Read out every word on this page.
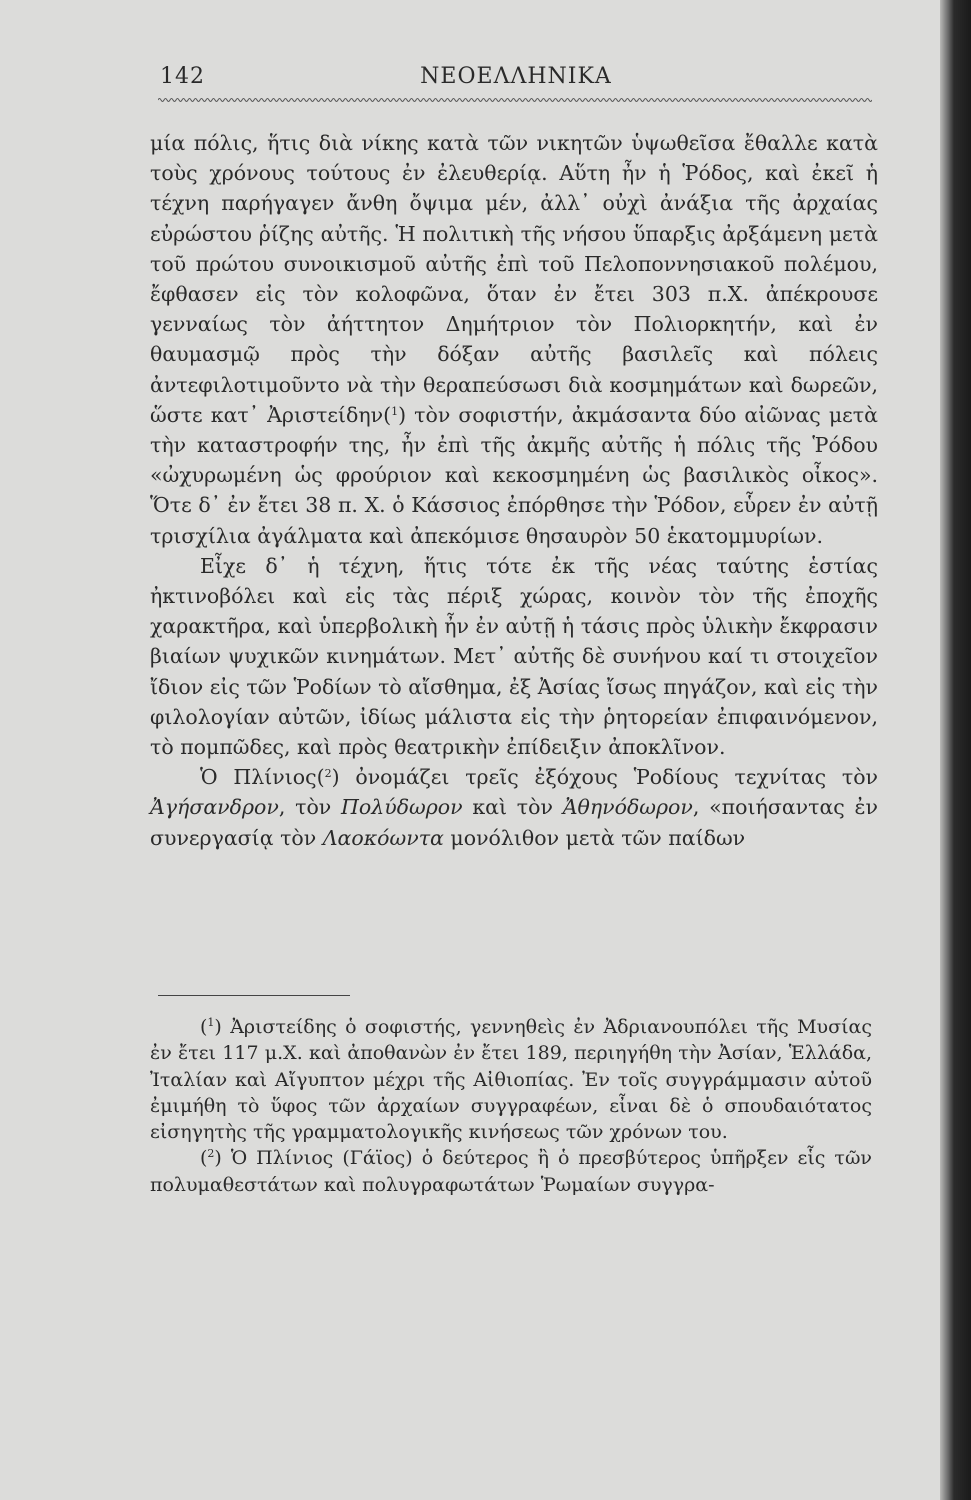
142	ΝΕΟΕΛΛΗΝΙΚΑ

μία πόλις, ἥτις διὰ νίκης κατὰ τῶν νικητῶν ὑψωθεῖσα ἔθαλλε κατὰ τοὺς χρόνους τούτους ἐν ἐλευθερίᾳ. Αὕτη ἦν ἡ Ῥόδος, καὶ ἐκεῖ ἡ τέχνη παρήγαγεν ἄνθη ὄψιμα μέν, ἀλλ᾽ οὐχὶ ἀνάξια τῆς ἀρχαίας εὐρώστου ῥίζης αὐτῆς. Ἡ πολιτικὴ τῆς νήσου ὕπαρξις ἀρξάμενη μετὰ τοῦ πρώτου συνοικισμοῦ αὐτῆς ἐπὶ τοῦ Πελοποννησιακοῦ πολέμου, ἔφθασεν εἰς τὸν κολοφῶνα, ὅταν ἐν ἔτει 303 π.Χ. ἀπέκρουσε γενναίως τὸν ἀήττητον Δημήτριον τὸν Πολιορκητήν, καὶ ἐν θαυμασμῷ πρὸς τὴν δόξαν αὐτῆς βασιλεῖς καὶ πόλεις ἀντεφιλοτιμοῦντο νὰ τὴν θεραπεύσωσι διὰ κοσμημάτων καὶ δωρεῶν, ὥστε κατ᾽ Ἀριστείδην($^1$) τὸν σοφιστήν, ἀκμάσαντα δύο αἰῶνας μετὰ τὴν καταστροφήν της, ἦν ἐπὶ τῆς ἀκμῆς αὐτῆς ἡ πόλις τῆς Ῥόδου «ὠχυρωμένη ὡς φρούριον καὶ κεκοσμημένη ὡς βασιλικὸς οἶκος». Ὅτε δ᾽ ἐν ἔτει 38 π. Χ. ὁ Κάσσιος ἐπόρθησε τὴν Ῥόδον, εὗρεν ἐν αὐτῇ τρισχίλια ἀγάλματα καὶ ἀπεκόμισε θησαυρὸν 50 ἑκατομμυρίων.

Εἶχε δ᾽ ἡ τέχνη, ἥτις τότε ἐκ τῆς νέας ταύτης ἑστίας ἠκτινοβόλει καὶ εἰς τὰς πέριξ χώρας, κοινὸν τὸν τῆς ἐποχῆς χαρακτῆρα, καὶ ὑπερβολικὴ ἦν ἐν αὐτῇ ἡ τάσις πρὸς ὑλικὴν ἔκφρασιν βιαίων ψυχικῶν κινημάτων. Μετ᾽ αὐτῆς δὲ συνήνου καί τι στοιχεῖον ἴδιον εἰς τῶν Ῥοδίων τὸ αἴσθημα, ἐξ Ἀσίας ἴσως πηγάζον, καὶ εἰς τὴν φιλολογίαν αὐτῶν, ἰδίως μάλιστα εἰς τὴν ῥητορείαν ἐπιφαινόμενον, τὸ πομπῶδες, καὶ πρὸς θεατρικὴν ἐπίδειξιν ἀποκλῖνον.

Ὁ Πλίνιος($^2$) ὀνομάζει τρεῖς ἐξόχους Ῥοδίους τεχνίτας τὸν Ἀγήσανδρον, τὸν Πολύδωρον καὶ τὸν Ἀθηνόδωρον, «ποιήσαντας ἐν συνεργασίᾳ τὸν Λαοκόωντα μονόλιθον μετὰ τῶν παίδων

($^1$) Ἀριστείδης ὁ σοφιστής, γεννηθεὶς ἐν Ἀδριανουπόλει τῆς Μυσίας ἐν ἔτει 117 μ.Χ. καὶ ἀποθανὼν ἐν ἔτει 189, περιηγήθη τὴν Ἀσίαν, Ἑλλάδα, Ἰταλίαν καὶ Αἴγυπτον μέχρι τῆς Αἰθιοπίας. Ἐν τοῖς συγγράμμασιν αὐτοῦ ἐμιμήθη τὸ ὕφος τῶν ἀρχαίων συγγραφέων, εἶναι δὲ ὁ σπουδαιότατος εἰσηγητὴς τῆς γραμματολογικῆς κινήσεως τῶν χρόνων του.

($^2$) Ὁ Πλίνιος (Γάϊος) ὁ δεύτερος ἢ ὁ πρεσβύτερος ὑπῆρξεν εἷς τῶν πολυμαθεστάτων καὶ πολυγραφωτάτων Ῥωμαίων συγγρα-
